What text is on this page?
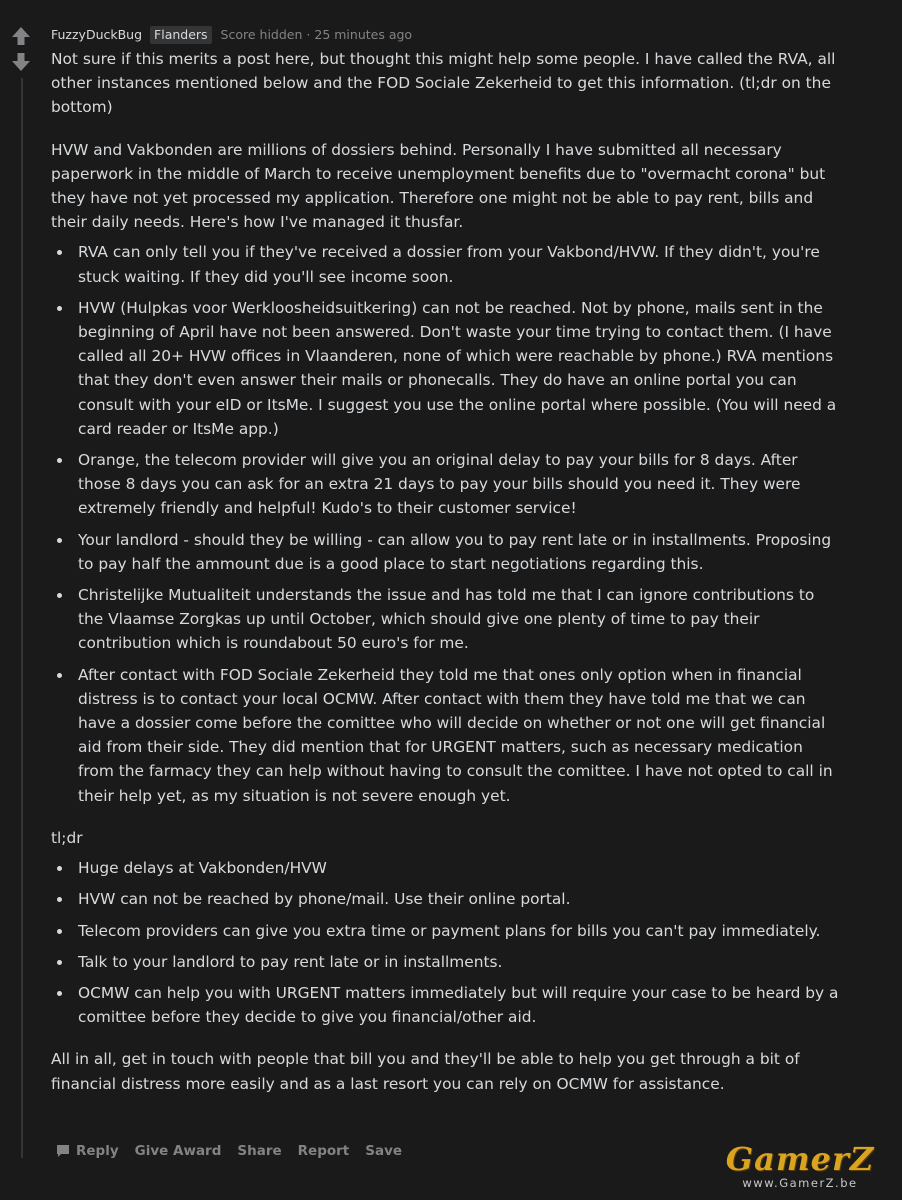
FuzzyDuckBug Flanders Score hidden · 25 minutes ago

Not sure if this merits a post here, but thought this might help some people. I have called the RVA, all other instances mentioned below and the FOD Sociale Zekerheid to get this information. (tl;dr on the bottom)

HVW and Vakbonden are millions of dossiers behind. Personally I have submitted all necessary paperwork in the middle of March to receive unemployment benefits due to "overmacht corona" but they have not yet processed my application. Therefore one might not be able to pay rent, bills and their daily needs. Here's how I've managed it thusfar.

RVA can only tell you if they've received a dossier from your Vakbond/HVW. If they didn't, you're stuck waiting. If they did you'll see income soon.
HVW (Hulpkas voor Werkloosheidsuitkering) can not be reached. Not by phone, mails sent in the beginning of April have not been answered. Don't waste your time trying to contact them. (I have called all 20+ HVW offices in Vlaanderen, none of which were reachable by phone.) RVA mentions that they don't even answer their mails or phonecalls. They do have an online portal you can consult with your eID or ItsMe. I suggest you use the online portal where possible. (You will need a card reader or ItsMe app.)
Orange, the telecom provider will give you an original delay to pay your bills for 8 days. After those 8 days you can ask for an extra 21 days to pay your bills should you need it. They were extremely friendly and helpful! Kudo's to their customer service!
Your landlord - should they be willing - can allow you to pay rent late or in installments. Proposing to pay half the ammount due is a good place to start negotiations regarding this.
Christelijke Mutualiteit understands the issue and has told me that I can ignore contributions to the Vlaamse Zorgkas up until October, which should give one plenty of time to pay their contribution which is roundabout 50 euro's for me.
After contact with FOD Sociale Zekerheid they told me that ones only option when in financial distress is to contact your local OCMW. After contact with them they have told me that we can have a dossier come before the comittee who will decide on whether or not one will get financial aid from their side. They did mention that for URGENT matters, such as necessary medication from the farmacy they can help without having to consult the comittee. I have not opted to call in their help yet, as my situation is not severe enough yet.

tl;dr

Huge delays at Vakbonden/HVW
HVW can not be reached by phone/mail. Use their online portal.
Telecom providers can give you extra time or payment plans for bills you can't pay immediately.
Talk to your landlord to pay rent late or in installments.
OCMW can help you with URGENT matters immediately but will require your case to be heard by a comittee before they decide to give you financial/other aid.

All in all, get in touch with people that bill you and they'll be able to help you get through a bit of financial distress more easily and as a last resort you can rely on OCMW for assistance.

Reply Give Award Share Report Save	GamerZ
www.GamerZ.be
